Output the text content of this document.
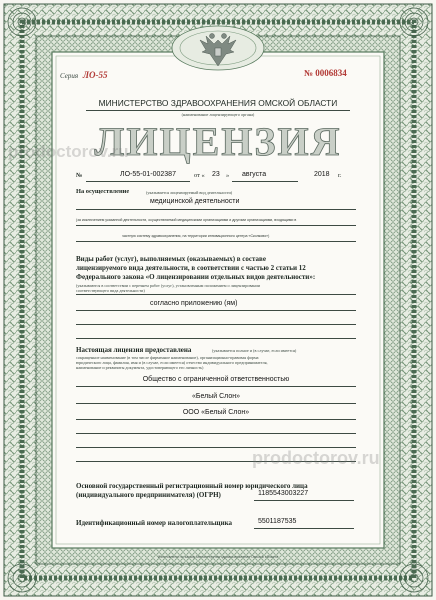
Серия ЛО-55	№ 0006834
МИНИСТЕРСТВО ЗДРАВООХРАНЕНИЯ ОМСКОЙ ОБЛАСТИ
(наименование лицензирующего органа)
ЛИЦЕНЗИЯ
№	ЛО-55-01-002387	от « 23 » августа	2018 г.
На осуществление	(указывается лицензируемый вид деятельности)
медицинской деятельности
(за исключением указанной деятельности, осуществляемой медицинскими организациями и другими организациями, входящими в
частную систему здравоохранения, на территории инновационного центра «Сколково»)
Виды работ (услуг), выполняемых (оказываемых) в составе
лицензируемого вида деятельности, в соответствии с частью 2 статьи 12
Федерального закона «О лицензировании отдельных видов деятельности»:
(указываются в соответствии с перечнем работ (услуг), установленным положением о лицензировании
соответствующего вида деятельности)
согласно приложению (ям)
Настоящая лицензия предоставлена	(указывается полное и (в случае, если имеется)
сокращенное наименование (в том числе фирменное наименование), организационно-правовая форма
юридического лица, фамилия, имя и (в случае, если имеется) отчество индивидуального предпринимателя,
наименование и реквизиты документа, удостоверяющего его личность)
Общество с ограниченной ответственностью
«Белый Слон»
ООО «Белый Слон»
Основной государственный регистрационный номер юридического лица
(индивидуального предпринимателя) (ОГРН)	1185543003227
Идентификационный номер налогоплательщика	5501187535
Изготовлено по заказу Министерства здравоохранения Омской области
prodoctorov.ru
prodoctorov.ru
